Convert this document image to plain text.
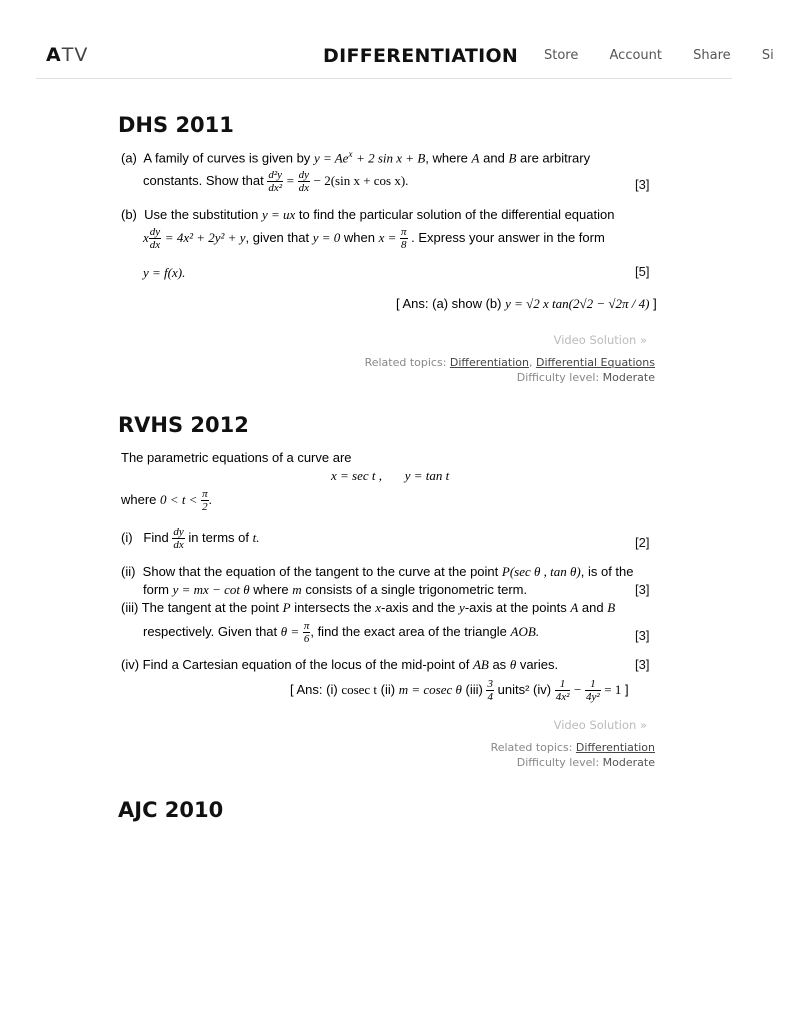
ATV	DIFFERENTIATION Store Account Share Si
DHS 2011
(a) A family of curves is given by $y = Ae^x + 2$ sin x + B, where A and B are arbitrary
constants. Show that $\frac{\text{d²y}}{\text{dx²}} = \frac{dy}{dx} - 2(\sin$ x + cos x).	[3]
(b) Use the substitution y = ux to find the particular solution of the differential equation
x $\frac{dy}{dx} = 4x^2 + 2y^2 + y$, given that y = 0 when $x = \frac{\pi}{8}$ . Express your answer in the form
y = f(x).	[5]
[ Ans: (a) show (b) y = √2 x tan(2√2 − √2π / 4) ]
Video Solution »
Related topics: Differentiation, Differential Equations
Difficulty level: Moderate
RVHS 2012
The parametric equations of a curve are
x = sec t ,       y = tan t
where $0 < t < \frac{\pi}{2}$ .
(i) Find $\frac{dy}{dx}$ in terms of t.	[2]
(ii) Show that the equation of the tangent to the curve at the point P(sec θ , tan θ), is of the
form y = mx − cot θ where m consists of a single trigonometric term.	[3]
(iii) The tangent at the point P intersects the x-axis and the y-axis at the points A and B
respectively. Given that $\theta = \frac{\pi}{6}$ , find the exact area of the triangle AOB.	[3]
(iv) Find a Cartesian equation of the locus of the mid-point of AB as θ varies.	[3]
[ Ans: (i) cosec t (ii) m = cosec θ $(iii) \frac{3}{4}$ units² $(iv) \frac{1}{\text{4x²}} - \frac{1}{\text{4y²}} = 1$ ]
Video Solution »
Related topics: Differentiation
Difficulty level: Moderate
AJC 2010
